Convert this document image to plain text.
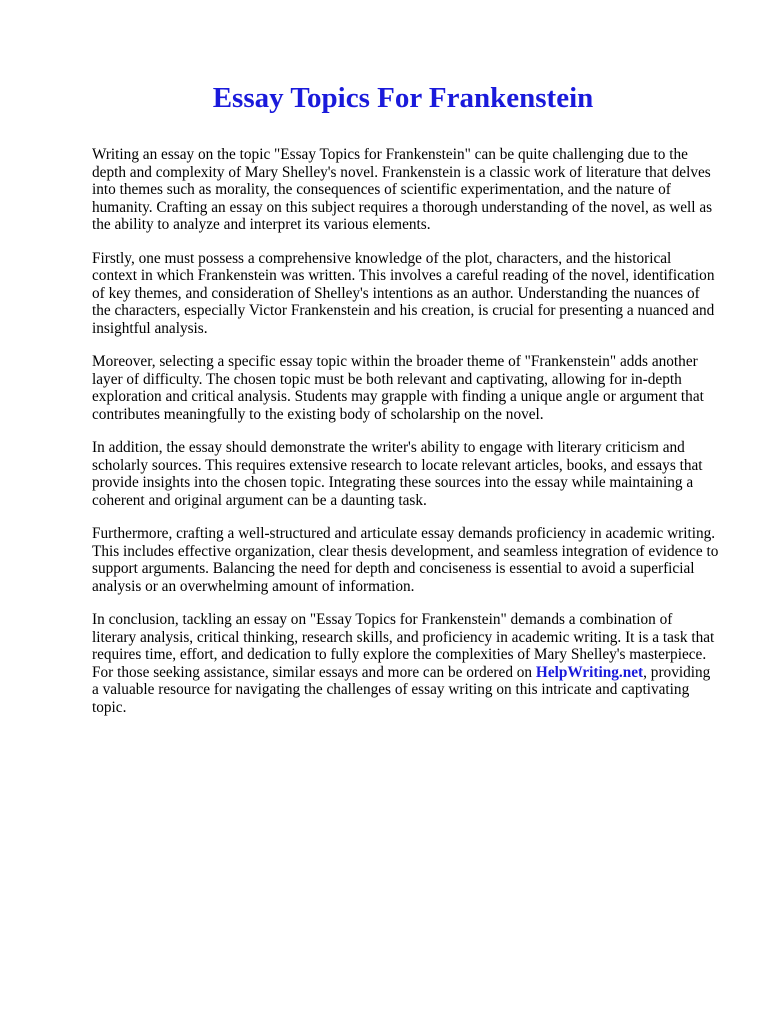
Essay Topics For Frankenstein

Writing an essay on the topic "Essay Topics for Frankenstein" can be quite challenging due to the depth and complexity of Mary Shelley's novel. Frankenstein is a classic work of literature that delves into themes such as morality, the consequences of scientific experimentation, and the nature of humanity. Crafting an essay on this subject requires a thorough understanding of the novel, as well as the ability to analyze and interpret its various elements.

Firstly, one must possess a comprehensive knowledge of the plot, characters, and the historical context in which Frankenstein was written. This involves a careful reading of the novel, identification of key themes, and consideration of Shelley's intentions as an author. Understanding the nuances of the characters, especially Victor Frankenstein and his creation, is crucial for presenting a nuanced and insightful analysis.

Moreover, selecting a specific essay topic within the broader theme of "Frankenstein" adds another layer of difficulty. The chosen topic must be both relevant and captivating, allowing for in-depth exploration and critical analysis. Students may grapple with finding a unique angle or argument that contributes meaningfully to the existing body of scholarship on the novel.

In addition, the essay should demonstrate the writer's ability to engage with literary criticism and scholarly sources. This requires extensive research to locate relevant articles, books, and essays that provide insights into the chosen topic. Integrating these sources into the essay while maintaining a coherent and original argument can be a daunting task.

Furthermore, crafting a well-structured and articulate essay demands proficiency in academic writing. This includes effective organization, clear thesis development, and seamless integration of evidence to support arguments. Balancing the need for depth and conciseness is essential to avoid a superficial analysis or an overwhelming amount of information.

In conclusion, tackling an essay on "Essay Topics for Frankenstein" demands a combination of literary analysis, critical thinking, research skills, and proficiency in academic writing. It is a task that requires time, effort, and dedication to fully explore the complexities of Mary Shelley's masterpiece. For those seeking assistance, similar essays and more can be ordered on HelpWriting.net, providing a valuable resource for navigating the challenges of essay writing on this intricate and captivating topic.
